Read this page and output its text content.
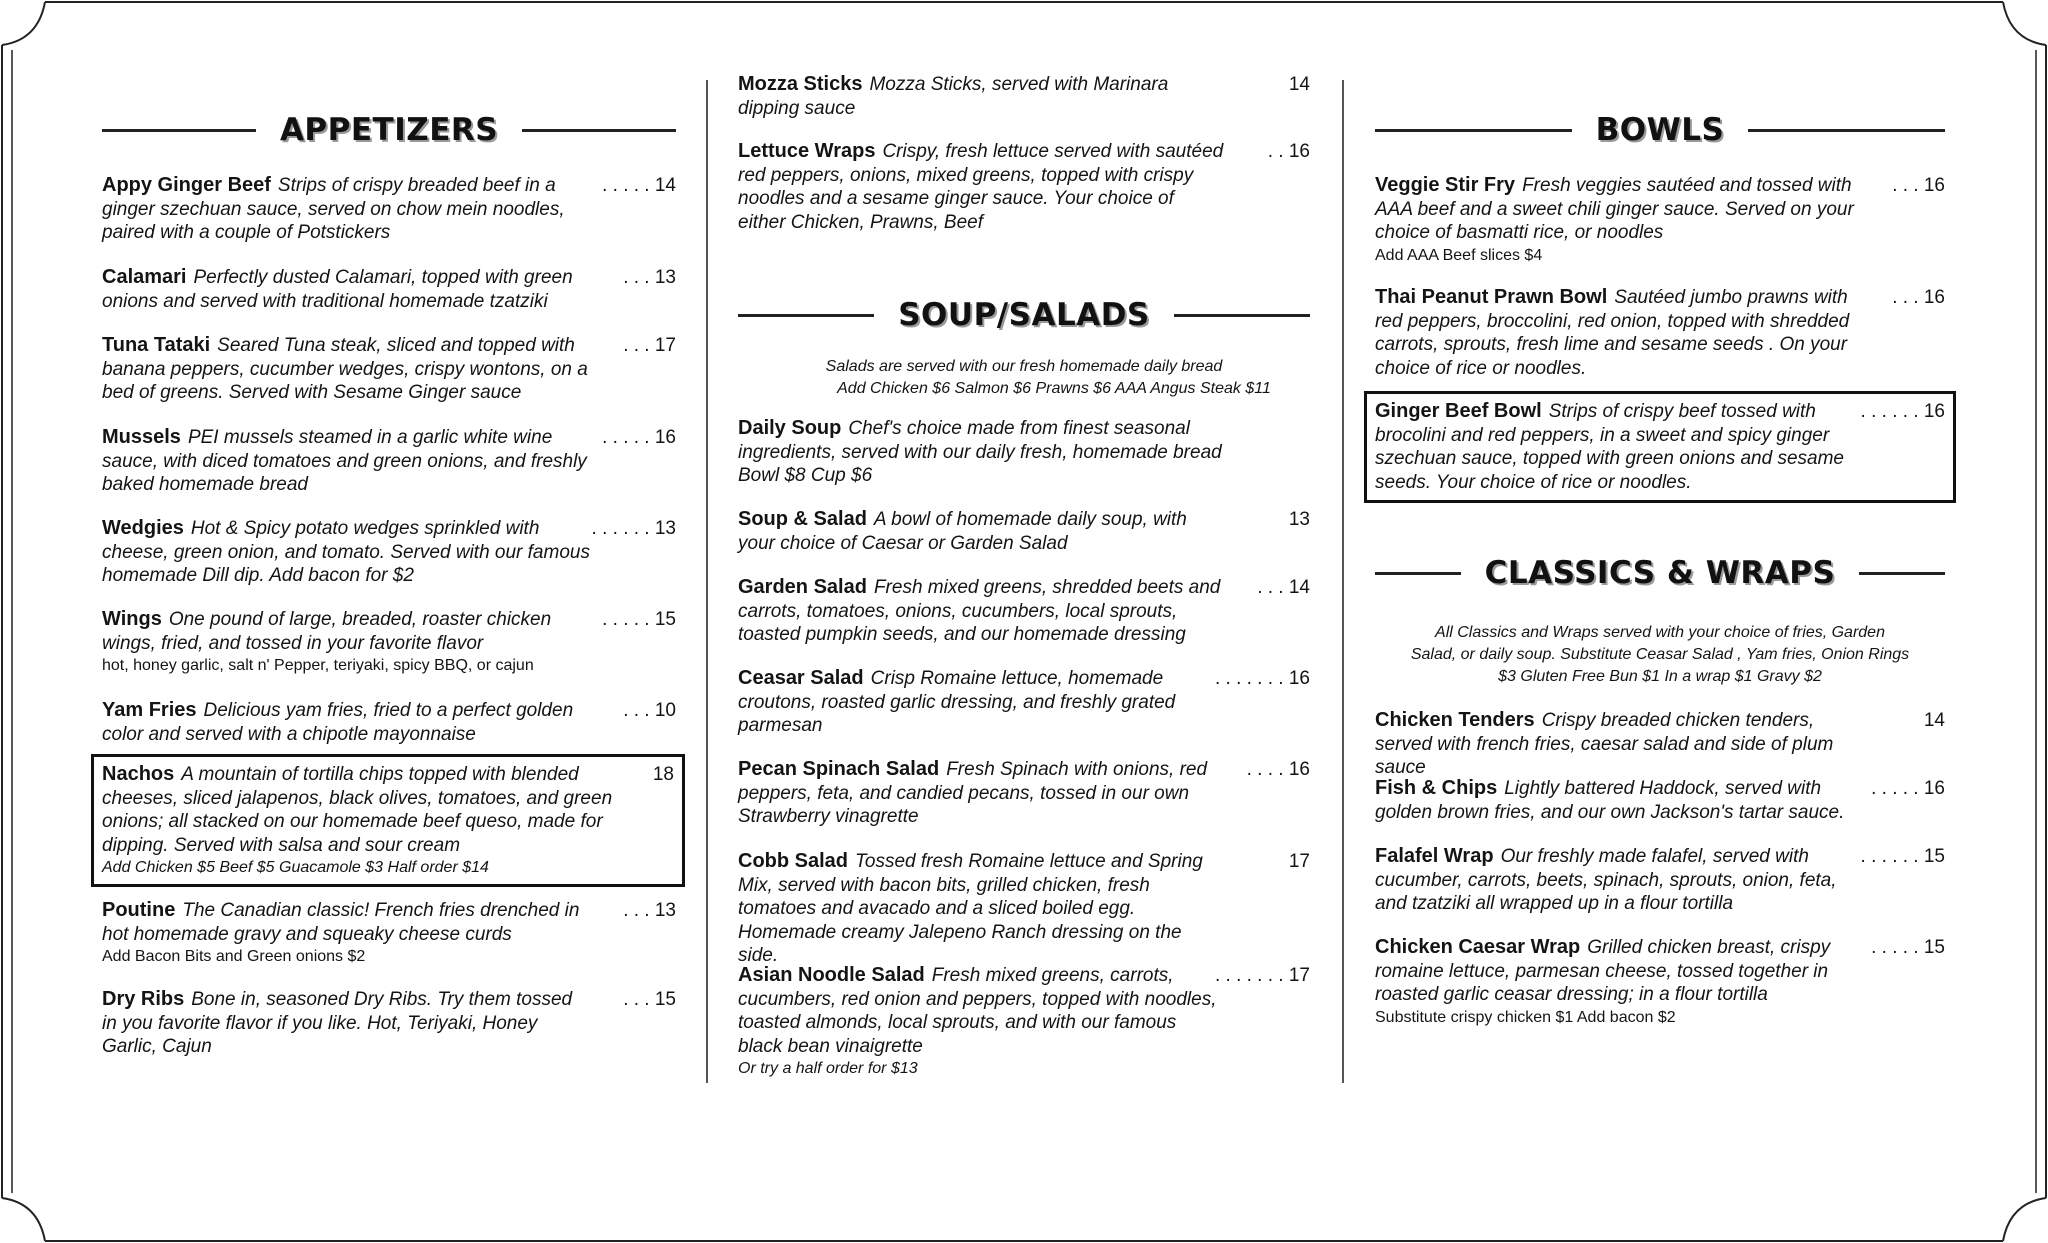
APPETIZERS
Appy Ginger Beef Strips of crispy breaded beef in a ginger szechuan sauce, served on chow mein noodles, paired with a couple of Potstickers
. . . . . 14
Calamari Perfectly dusted Calamari, topped with green onions and served with traditional homemade tzatziki
. . . 13
Tuna Tataki Seared Tuna steak, sliced and topped with banana peppers, cucumber wedges, crispy wontons, on a bed of greens. Served with Sesame Ginger sauce
. . . 17
Mussels PEI mussels steamed in a garlic white wine sauce, with diced tomatoes and green onions, and freshly baked homemade bread
. . . . . 16
Wedgies Hot & Spicy potato wedges sprinkled with cheese, green onion, and tomato. Served with our famous homemade Dill dip. Add bacon for $2
. . . . . . 13
Wings One pound of large, breaded, roaster chicken wings, fried, and tossed in your favorite flavor
hot, honey garlic, salt n' Pepper, teriyaki, spicy BBQ, or cajun
. . . . . 15
Yam Fries Delicious yam fries, fried to a perfect golden color and served with a chipotle mayonnaise
. . . 10
Nachos A mountain of tortilla chips topped with blended cheeses, sliced jalapenos, black olives, tomatoes, and green onions; all stacked on our homemade beef queso, made for dipping. Served with salsa and sour cream
Add Chicken $5 Beef $5 Guacamole $3 Half order $14
18
Poutine The Canadian classic! French fries drenched in hot homemade gravy and squeaky cheese curds
Add Bacon Bits and Green onions $2
. . . 13
Dry Ribs Bone in, seasoned Dry Ribs. Try them tossed in you favorite flavor if you like. Hot, Teriyaki, Honey Garlic, Cajun
. . . 15
Mozza Sticks Mozza Sticks, served with Marinara dipping sauce
14
Lettuce Wraps Crispy, fresh lettuce served with sautéed red peppers, onions, mixed greens, topped with crispy noodles and a sesame ginger sauce. Your choice of either Chicken, Prawns, Beef
. . 16
SOUP/SALADS
Salads are served with our fresh homemade daily bread
Add Chicken $6 Salmon $6 Prawns $6 AAA Angus Steak $11
Daily Soup Chef's choice made from finest seasonal ingredients, served with our daily fresh, homemade bread Bowl $8 Cup $6
Soup & Salad A bowl of homemade daily soup, with your choice of Caesar or Garden Salad
13
Garden Salad Fresh mixed greens, shredded beets and carrots, tomatoes, onions, cucumbers, local sprouts, toasted pumpkin seeds, and our homemade dressing
. . . 14
Ceasar Salad Crisp Romaine lettuce, homemade croutons, roasted garlic dressing, and freshly grated parmesan
. . . . . . . 16
Pecan Spinach Salad Fresh Spinach with onions, red peppers, feta, and candied pecans, tossed in our own Strawberry vinagrette
. . . . 16
Cobb Salad Tossed fresh Romaine lettuce and Spring Mix, served with bacon bits, grilled chicken, fresh tomatoes and avacado and a sliced boiled egg. Homemade creamy Jalepeno Ranch dressing on the side.
17
Asian Noodle Salad Fresh mixed greens, carrots, cucumbers, red onion and peppers, topped with noodles, toasted almonds, local sprouts, and with our famous black bean vinaigrette
Or try a half order for $13
. . . . . . . 17
BOWLS
Veggie Stir Fry Fresh veggies sautéed and tossed with AAA beef and a sweet chili ginger sauce. Served on your choice of basmatti rice, or noodles
Add AAA Beef slices $4
. . . 16
Thai Peanut Prawn Bowl Sautéed jumbo prawns with red peppers, broccolini, red onion, topped with shredded carrots, sprouts, fresh lime and sesame seeds . On your choice of rice or noodles.
. . . 16
Ginger Beef Bowl Strips of crispy beef tossed with brocolini and red peppers, in a sweet and spicy ginger szechuan sauce, topped with green onions and sesame seeds. Your choice of rice or noodles.
. . . . . . 16
CLASSICS & WRAPS
All Classics and Wraps served with your choice of fries, Garden
Salad, or daily soup. Substitute Ceasar Salad , Yam fries, Onion Rings
$3 Gluten Free Bun $1 In a wrap $1 Gravy $2
Chicken Tenders Crispy breaded chicken tenders, served with french fries, caesar salad and side of plum sauce
14
Fish & Chips Lightly battered Haddock, served with golden brown fries, and our own Jackson's tartar sauce.
. . . . . 16
Falafel Wrap Our freshly made falafel, served with cucumber, carrots, beets, spinach, sprouts, onion, feta, and tzatziki all wrapped up in a flour tortilla
. . . . . . 15
Chicken Caesar Wrap Grilled chicken breast, crispy romaine lettuce, parmesan cheese, tossed together in roasted garlic ceasar dressing; in a flour tortilla
Substitute crispy chicken $1 Add bacon $2
. . . . . 15
